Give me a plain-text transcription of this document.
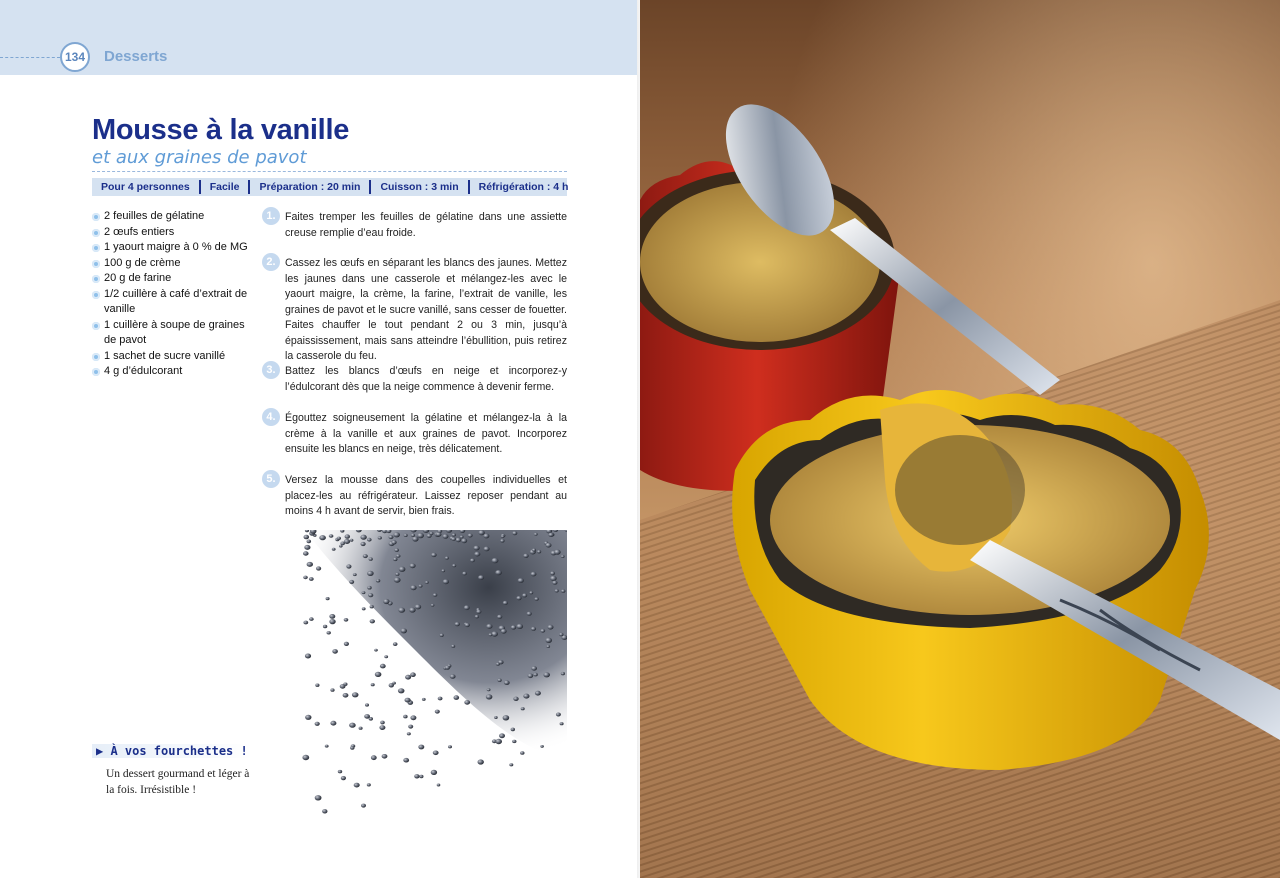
134	Desserts
Mousse à la vanille
et aux graines de pavot
Pour 4 personnes	Facile	Préparation : 20 min	Cuisson : 3 min	Réfrigération : 4 h
2 feuilles de gélatine
2 œufs entiers
1 yaourt maigre à 0 % de MG
100 g de crème
20 g de farine
1/2 cuillère à café d’extrait de vanille
1 cuillère à soupe de graines de pavot
1 sachet de sucre vanillé
4 g d’édulcorant
1. Faites tremper les feuilles de gélatine dans une assiette creuse remplie d’eau froide.
2. Cassez les œufs en séparant les blancs des jaunes. Mettez les jaunes dans une casserole et mélangez-les avec le yaourt maigre, la crème, la farine, l’extrait de vanille, les graines de pavot et le sucre vanillé, sans cesser de fouetter. Faites chauffer le tout pendant 2 ou 3 min, jusqu’à épaississement, mais sans atteindre l’ébullition, puis retirez la casserole du feu.
3. Battez les blancs d’œufs en neige et incorporez-y l’édulcorant dès que la neige commence à devenir ferme.
4. Égouttez soigneusement la gélatine et mélangez-la à la crème à la vanille et aux graines de pavot. Incorporez ensuite les blancs en neige, très délicatement.
5. Versez la mousse dans des coupelles individuelles et placez-les au réfrigérateur. Laissez reposer pendant au moins 4 h avant de servir, bien frais.
▶ À vos fourchettes !
Un dessert gourmand et léger à la fois. Irrésistible !
